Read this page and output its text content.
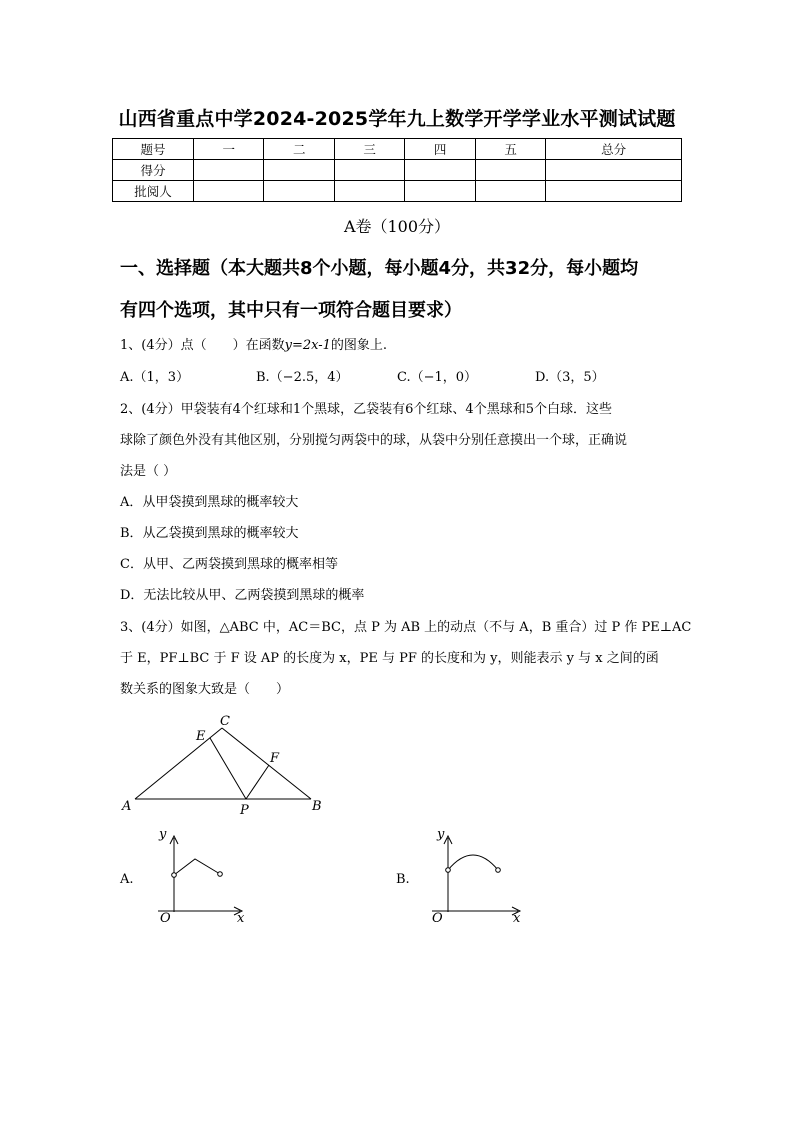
山西省重点中学2024-2025学年九上数学开学学业水平测试试题
题号	一	二	三	四	五	总分
得分						
批阅人						
A卷（100分）
一、选择题（本大题共8个小题，每小题4分，共32分，每小题均
有四个选项，其中只有一项符合题目要求）
1、(4分）点（　　）在函数y=2x-1的图象上.
A.（1，3）	B.（−2.5，4）	C.（−1，0）	D.（3，5）
2、(4分）甲袋装有4个红球和1个黑球，乙袋装有6个红球、4个黑球和5个白球．这些
球除了颜色外没有其他区别，分别搅匀两袋中的球，从袋中分别任意摸出一个球，正确说
法是（ ）
A．从甲袋摸到黑球的概率较大
B．从乙袋摸到黑球的概率较大
C．从甲、乙两袋摸到黑球的概率相等
D．无法比较从甲、乙两袋摸到黑球的概率
3、(4分）如图，△ABC 中，AC＝BC，点 P 为 AB 上的动点（不与 A，B 重合）过 P 作 PE⊥AC
于 E，PF⊥BC 于 F 设 AP 的长度为 x，PE 与 PF 的长度和为 y，则能表示 y 与 x 之间的函
数关系的图象大致是（　　）
A	B
C
E
F
P
A.
y
x
O
B.
y
x
O
